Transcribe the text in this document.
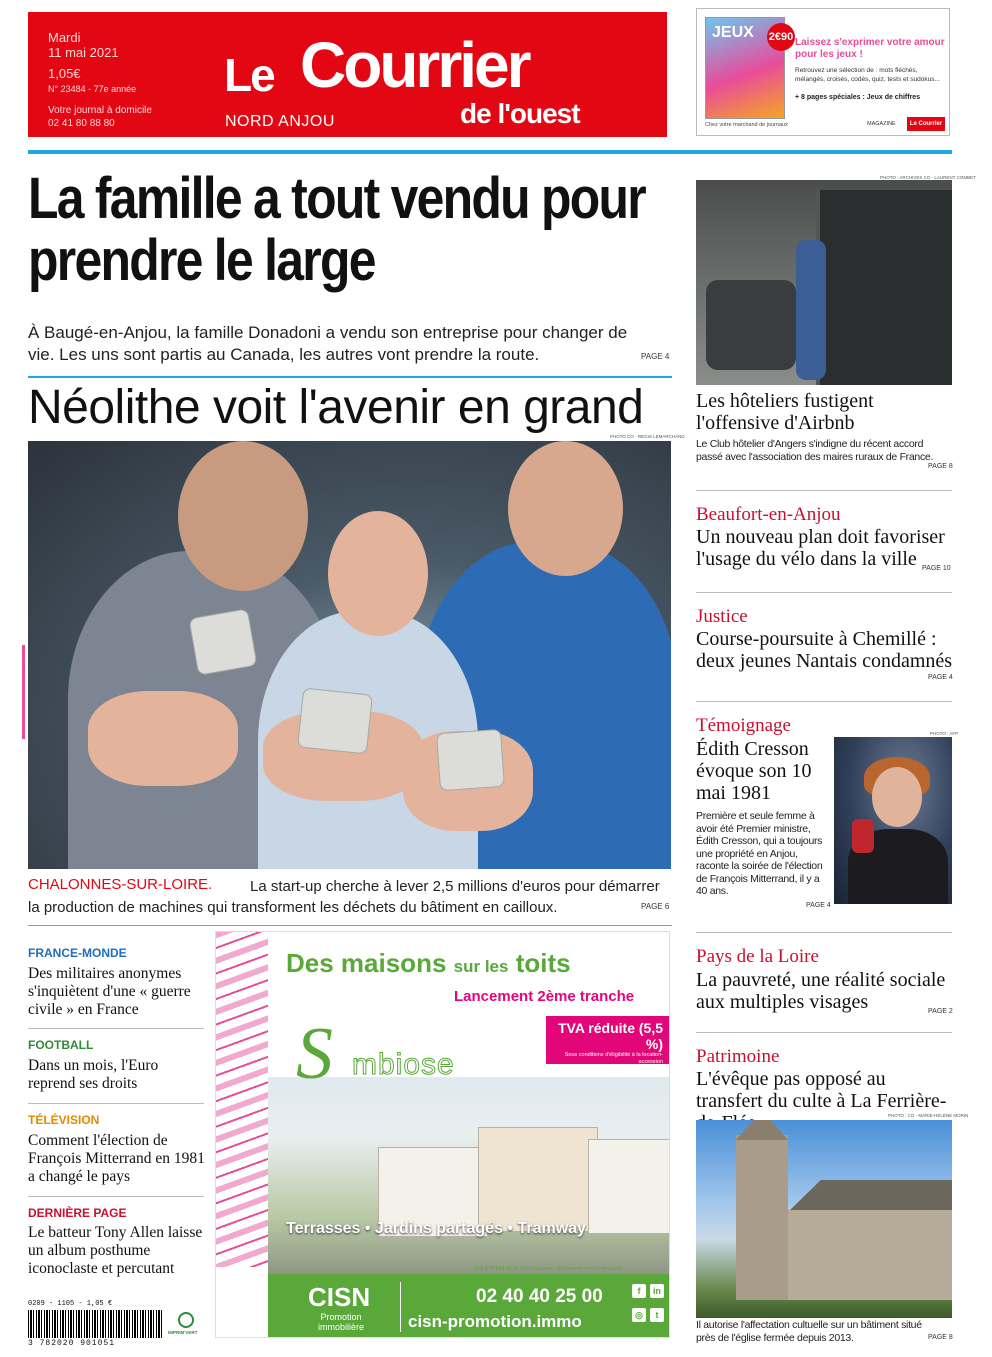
Mardi
11 mai 2021
1,05€
N° 23484 - 77e année
Votre journal à domicile
02 41 80 88 80
Le Courrier
de l'ouest
NORD ANJOU
JEUX 2€90 Laissez s'exprimer votre amour pour les jeux !
Retrouvez une sélection de : mots fléchés, mélangés, croisés, codés, quiz, tests et sudokus...
+ 8 pages spéciales : Jeux de chiffres
Chez votre marchand de journaux	MAGAZINE	Le Courrier
La famille a tout vendu pour prendre le large
À Baugé-en-Anjou, la famille Donadoni a vendu son entreprise pour changer de vie. Les uns sont partis au Canada, les autres vont prendre la route.	PAGE 4
Néolithe voit l'avenir en grand
PHOTO CO - RÉGIS LEMARCHAND
La start-up cherche à lever 2,5 millions d'euros pour démarrer la production de machines qui transforment les déchets du bâtiment en cailloux.
CHALONNES-SUR-LOIRE.
PAGE 6
FRANCE-MONDE
Des militaires anonymes s'inquiètent d'une « guerre civile » en France
FOOTBALL
Dans un mois, l'Euro reprend ses droits
TÉLÉVISION
Comment l'élection de François Mitterrand en 1981 a changé le pays
DERNIÈRE PAGE
Le batteur Tony Allen laisse un album posthume iconoclaste et percutant
0209 - 1105 - 1,05 €
3 782020 901051
IMPRIM'VERT
Des maisons sur les toits
Lancement 2ème tranche
TVA réduite (5,5 %)
Sous conditions d'éligibilité à la location-accession
S mbiose
Terrasses • Jardins partagés • Tramway
379 878 244 RCS Saint-Nazaire - Document non contractuel
CISN
Promotion immobilière
02 40 40 25 00
cisn-promotion.immo
f	in
◎	t
PHOTO : ARCHIVES CO - LAURENT COMBET
Les hôteliers fustigent l'offensive d'Airbnb
Le Club hôtelier d'Angers s'indigne du récent accord passé avec l'association des maires ruraux de France.
PAGE 8
Beaufort-en-Anjou
Un nouveau plan doit favoriser l'usage du vélo dans la ville PAGE 10
Justice
Course-poursuite à Chemillé : deux jeunes Nantais condamnés
PAGE 4
Témoignage
Édith Cresson évoque son 10 mai 1981
PHOTO : AFP
Première et seule femme à avoir été Premier ministre, Édith Cresson, qui a toujours une propriété en Anjou, raconte la soirée de l'élection de François Mitterrand, il y a 40 ans.
PAGE 4
Pays de la Loire
La pauvreté, une réalité sociale aux multiples visages	PAGE 2
Patrimoine
L'évêque pas opposé au transfert du culte à La Ferrière-
PHOTO : CO - MARIE-HÉLÈNE MORIN
Il autorise l'affectation cultuelle sur un bâtiment situé près de l'église fermée depuis 2013.	PAGE 8
